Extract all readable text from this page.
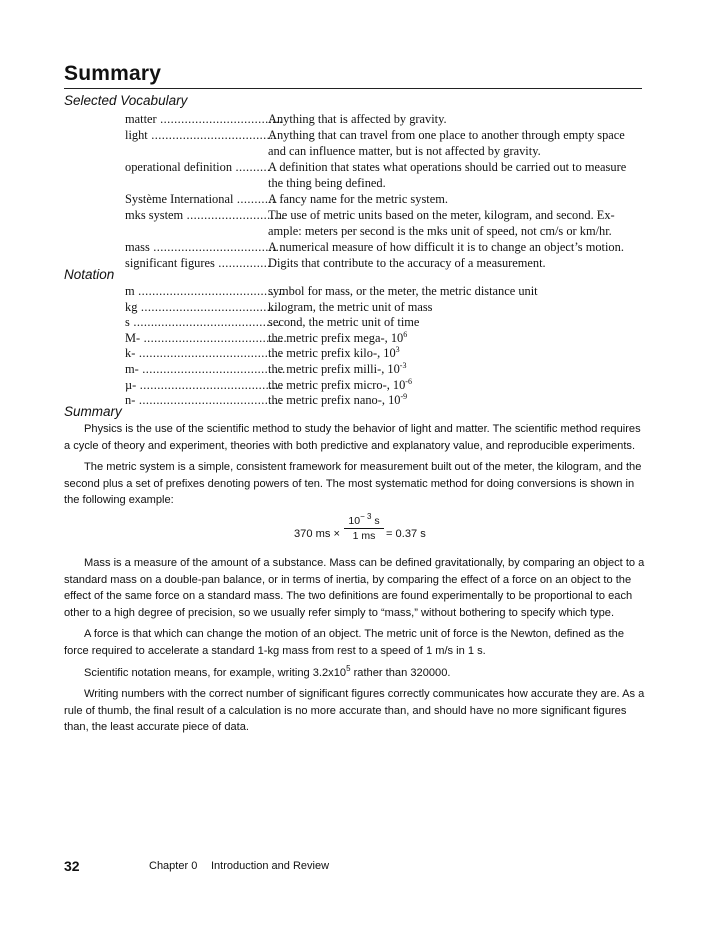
Summary
Selected Vocabulary
matter ...................................
Anything that is affected by gravity.
light ....................................
Anything that can travel from one place to another through empty space
and can influence matter, but is not affected by gravity.
operational definition ..........
A definition that states what operations should be carried out to measure
the thing being defined.
Système International ...........
A fancy name for the metric system.
mks system ............................
The use of metric units based on the meter, kilogram, and second. Ex-
ample: meters per second is the mks unit of speed, not cm/s or km/hr.
mass ......................................
A numerical measure of how difficult it is to change an object’s motion.
significant figures ...............
Digits that contribute to the accuracy of a measurement.
Notation
m ..........................................
symbol for mass, or the meter, the metric distance unit
kg .........................................
kilogram, the metric unit of mass
s ..........................................
second, the metric unit of time
M- .........................................
the metric prefix mega-, $10^6$
k- .........................................
the metric prefix kilo-, $10^3$
m- .........................................
the metric prefix milli-, $10^{-3}$
µ- .........................................
the metric prefix micro-, $10^{-6}$
n- .........................................
the metric prefix nano-, $10^{-9}$
Summary

Physics is the use of the scientific method to study the behavior of light and matter. The scientific method requires a cycle of theory and experiment, theories with both predictive and explanatory value, and reproducible experiments.

The metric system is a simple, consistent framework for measurement built out of the meter, the kilogram, and the second plus a set of prefixes denoting powers of ten. The most systematic method for doing conversions is shown in the following example:

370 ms × $\frac{10^{- 3} s}{1 ms} = 0.37$ s

Mass is a measure of the amount of a substance. Mass can be defined gravitationally, by comparing an object to a standard mass on a double-pan balance, or in terms of inertia, by comparing the effect of a force on an object to the effect of the same force on a standard mass. The two definitions are found experimentally to be proportional to each other to a high degree of precision, so we usually refer simply to “mass,” without bothering to specify which type.

A force is that which can change the motion of an object. The metric unit of force is the Newton, defined as the force required to accelerate a standard 1-kg mass from rest to a speed of 1 m/s in 1 s.

Scientific notation means, for example, writing $3.2x10^5$ rather than 320000.

Writing numbers with the correct number of significant figures correctly communicates how accurate they are. As a rule of thumb, the final result of a calculation is no more accurate than, and should have no more significant figures than, the least accurate piece of data.

32	Chapter 0 Introduction and Review
